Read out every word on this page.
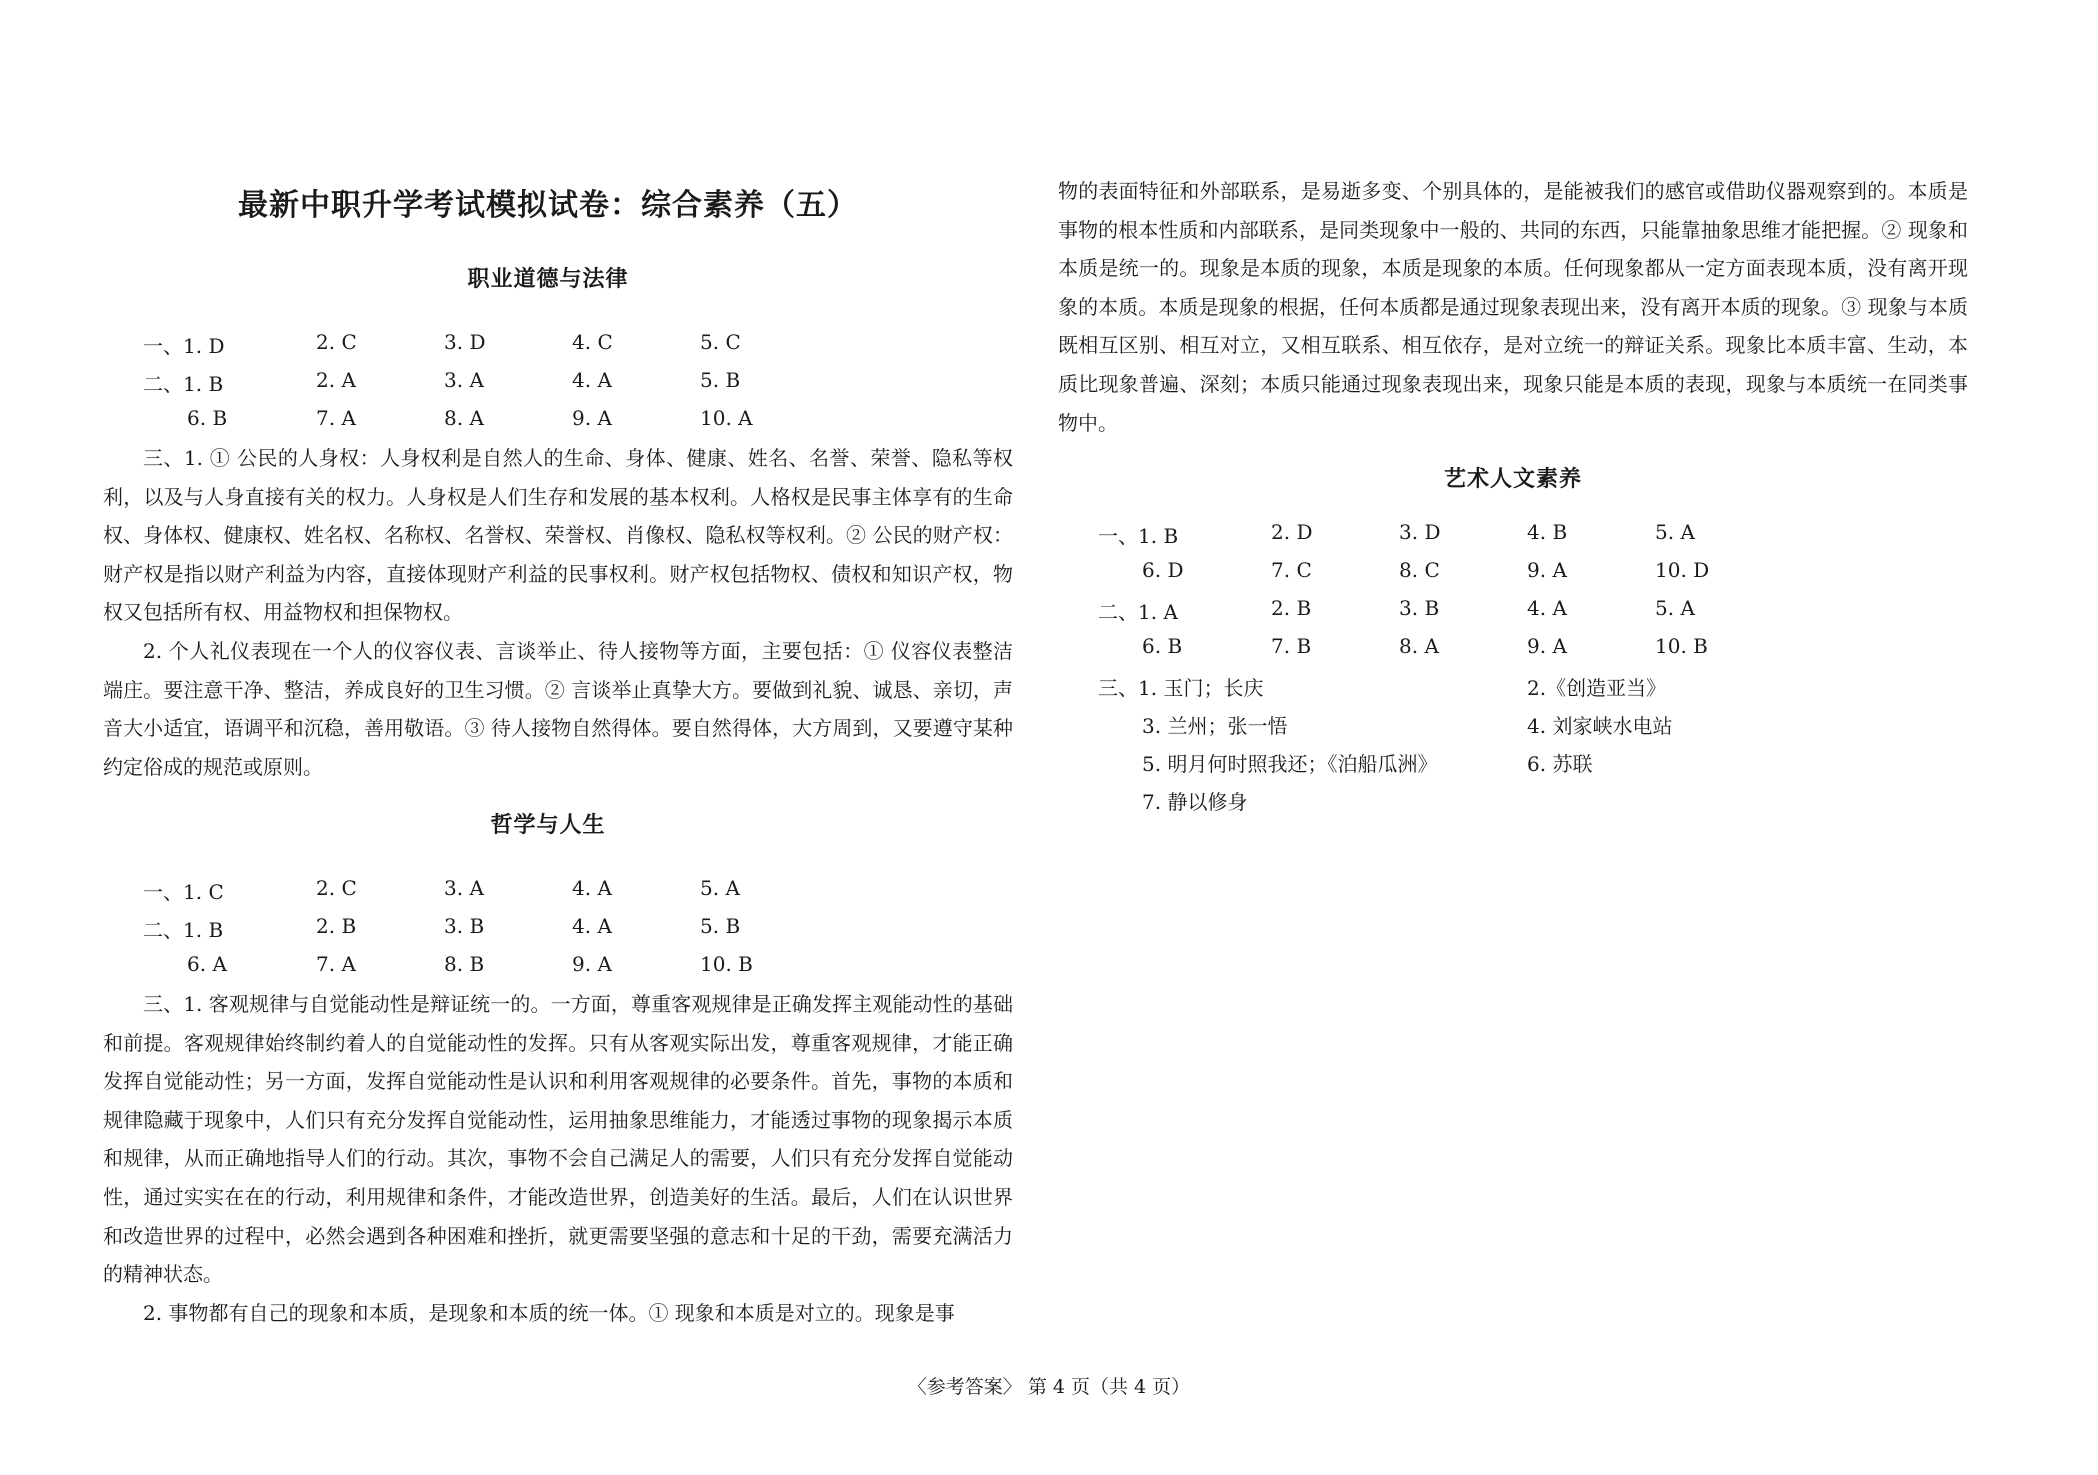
最新中职升学考试模拟试卷：综合素养（五）
职业道德与法律
一、1. D	2. C	3. D	4. C	5. C
二、1. B	2. A	3. A	4. A	5. B
6. B	7. A	8. A	9. A	10. A

三、1. ① 公民的人身权：人身权利是自然人的生命、身体、健康、姓名、名誉、荣誉、隐私等权利，以及与人身直接有关的权力。人身权是人们生存和发展的基本权利。人格权是民事主体享有的生命权、身体权、健康权、姓名权、名称权、名誉权、荣誉权、肖像权、隐私权等权利。② 公民的财产权：财产权是指以财产利益为内容，直接体现财产利益的民事权利。财产权包括物权、债权和知识产权，物权又包括所有权、用益物权和担保物权。

2. 个人礼仪表现在一个人的仪容仪表、言谈举止、待人接物等方面，主要包括：① 仪容仪表整洁端庄。要注意干净、整洁，养成良好的卫生习惯。② 言谈举止真挚大方。要做到礼貌、诚恳、亲切，声音大小适宜，语调平和沉稳，善用敬语。③ 待人接物自然得体。要自然得体，大方周到，又要遵守某种约定俗成的规范或原则。

哲学与人生
一、1. C	2. C	3. A	4. A	5. A
二、1. B	2. B	3. B	4. A	5. B
6. A	7. A	8. B	9. A	10. B

三、1. 客观规律与自觉能动性是辩证统一的。一方面，尊重客观规律是正确发挥主观能动性的基础和前提。客观规律始终制约着人的自觉能动性的发挥。只有从客观实际出发，尊重客观规律，才能正确发挥自觉能动性；另一方面，发挥自觉能动性是认识和利用客观规律的必要条件。首先，事物的本质和规律隐藏于现象中，人们只有充分发挥自觉能动性，运用抽象思维能力，才能透过事物的现象揭示本质和规律，从而正确地指导人们的行动。其次，事物不会自己满足人的需要，人们只有充分发挥自觉能动性，通过实实在在的行动，利用规律和条件，才能改造世界，创造美好的生活。最后，人们在认识世界和改造世界的过程中，必然会遇到各种困难和挫折，就更需要坚强的意志和十足的干劲，需要充满活力的精神状态。

2. 事物都有自己的现象和本质，是现象和本质的统一体。① 现象和本质是对立的。现象是事

物的表面特征和外部联系，是易逝多变、个别具体的，是能被我们的感官或借助仪器观察到的。本质是事物的根本性质和内部联系，是同类现象中一般的、共同的东西，只能靠抽象思维才能把握。② 现象和本质是统一的。现象是本质的现象，本质是现象的本质。任何现象都从一定方面表现本质，没有离开现象的本质。本质是现象的根据，任何本质都是通过现象表现出来，没有离开本质的现象。③ 现象与本质既相互区别、相互对立，又相互联系、相互依存，是对立统一的辩证关系。现象比本质丰富、生动，本质比现象普遍、深刻；本质只能通过现象表现出来，现象只能是本质的表现，现象与本质统一在同类事物中。

艺术人文素养
一、1. B	2. D	3. D	4. B	5. A
6. D	7. C	8. C	9. A	10. D
二、1. A	2. B	3. B	4. A	5. A
6. B	7. B	8. A	9. A	10. B
三、1. 玉门；长庆	2.《创造亚当》
3. 兰州；张一悟	4. 刘家峡水电站
5. 明月何时照我还；《泊船瓜洲》	6. 苏联
7. 静以修身
〈参考答案〉 第 4 页（共 4 页）
